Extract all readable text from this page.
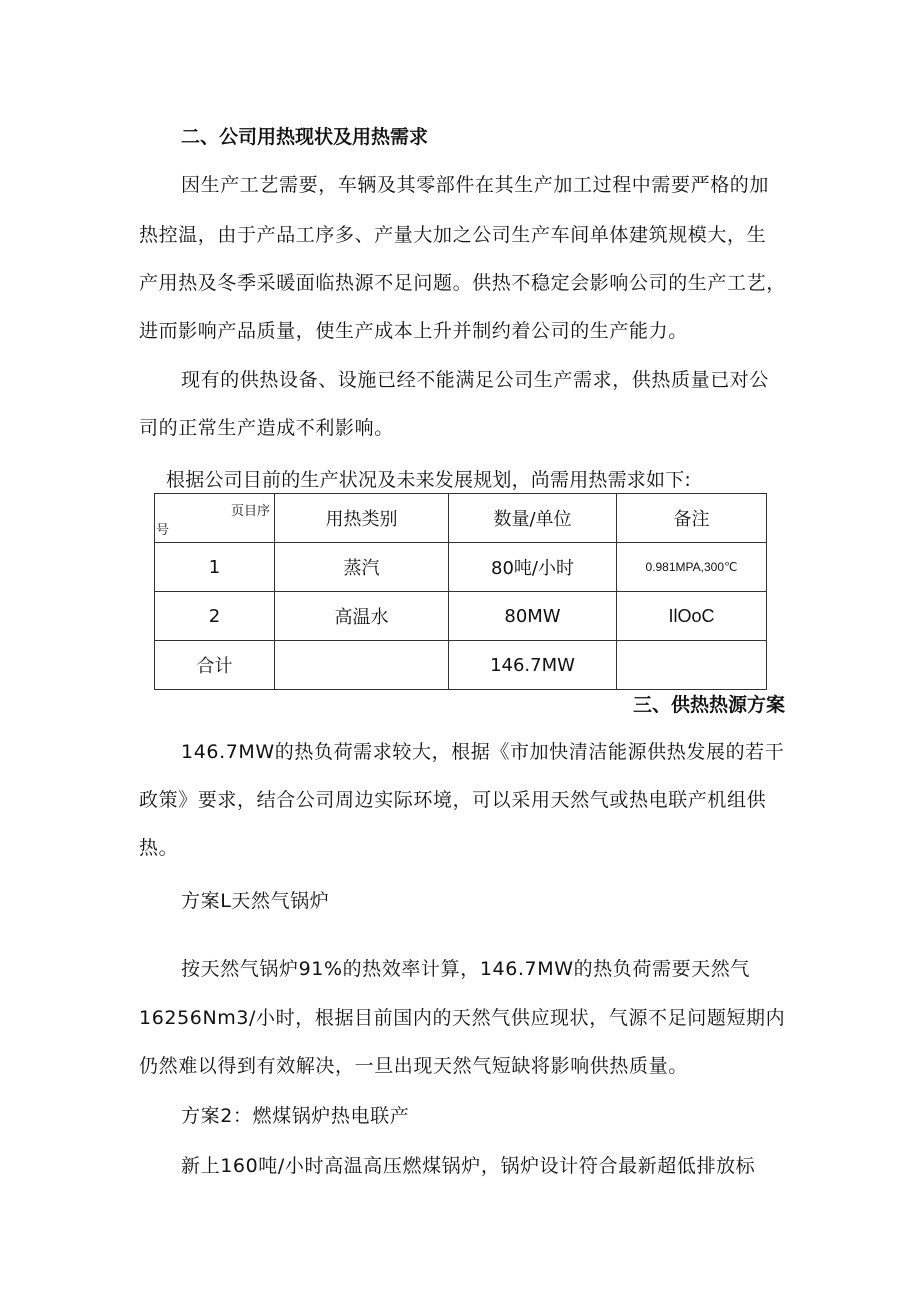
二、公司用热现状及用热需求
因生产工艺需要，车辆及其零部件在其生产加工过程中需要严格的加
热控温，由于产品工序多、产量大加之公司生产车间单体建筑规模大，生
产用热及冬季采暖面临热源不足问题。供热不稳定会影响公司的生产工艺，
进而影响产品质量，使生产成本上升并制约着公司的生产能力。
现有的供热设备、设施已经不能满足公司生产需求，供热质量已对公
司的正常生产造成不利影响。
根据公司目前的生产状况及未来发展规划，尚需用热需求如下:
页目序
号	用热类别	数量/单位	备注
1	蒸汽	80吨/小时	0.981MPA,300℃
2	高温水	80MW	IlOoC
合计		146.7MW	
三、供热热源方案
146.7MW的热负荷需求较大，根据《市加快清洁能源供热发展的若干
政策》要求，结合公司周边实际环境，可以采用天然气或热电联产机组供
热。
方案L天然气锅炉
按天然气锅炉91%的热效率计算，146.7MW的热负荷需要天然气
16256Nm3/小时，根据目前国内的天然气供应现状，气源不足问题短期内
仍然难以得到有效解决，一旦出现天然气短缺将影响供热质量。
方案2：燃煤锅炉热电联产
新上160吨/小时高温高压燃煤锅炉，锅炉设计符合最新超低排放标
